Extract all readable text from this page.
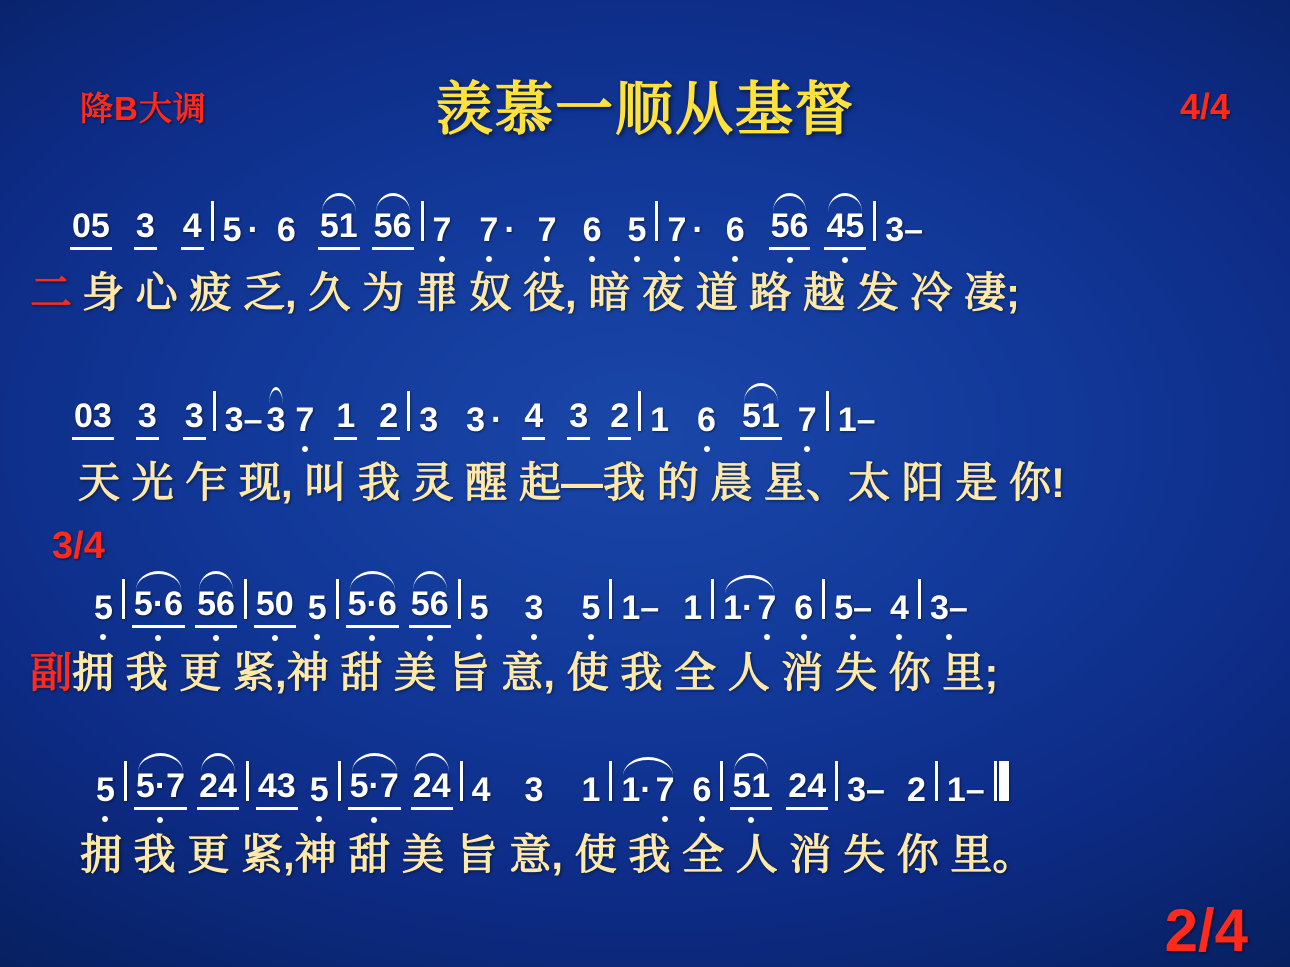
降B大调	羡慕一顺从基督	4/4
05 3 4 5 · 6 51 56 7 7 · 7 6 5 7 · 6 56 45 3–
二 身 心 疲 乏, 久 为 罪 奴 役, 暗 夜 道 路 越 发 冷 凄;
03 3 3 3– 3 7 1 2 3 3 · 4 3 2 1 6 51 7 1–
天 光 乍 现, 叫 我 灵 醒 起—我 的 晨 星、太 阳 是 你!
3/4
5 5·6 56 50 5 5·6 56 5 3 5 1– 1 1· 7 6 5– 4 3–
副 拥 我 更 紧,神 甜 美 旨 意, 使 我 全 人 消 失 你 里;
5 5·7 24 43 5 5·7 24 4 3 1 1· 7 6 51 24 3– 2 1–
拥 我 更 紧,神 甜 美 旨 意, 使 我 全 人 消 失 你 里。
2/4
